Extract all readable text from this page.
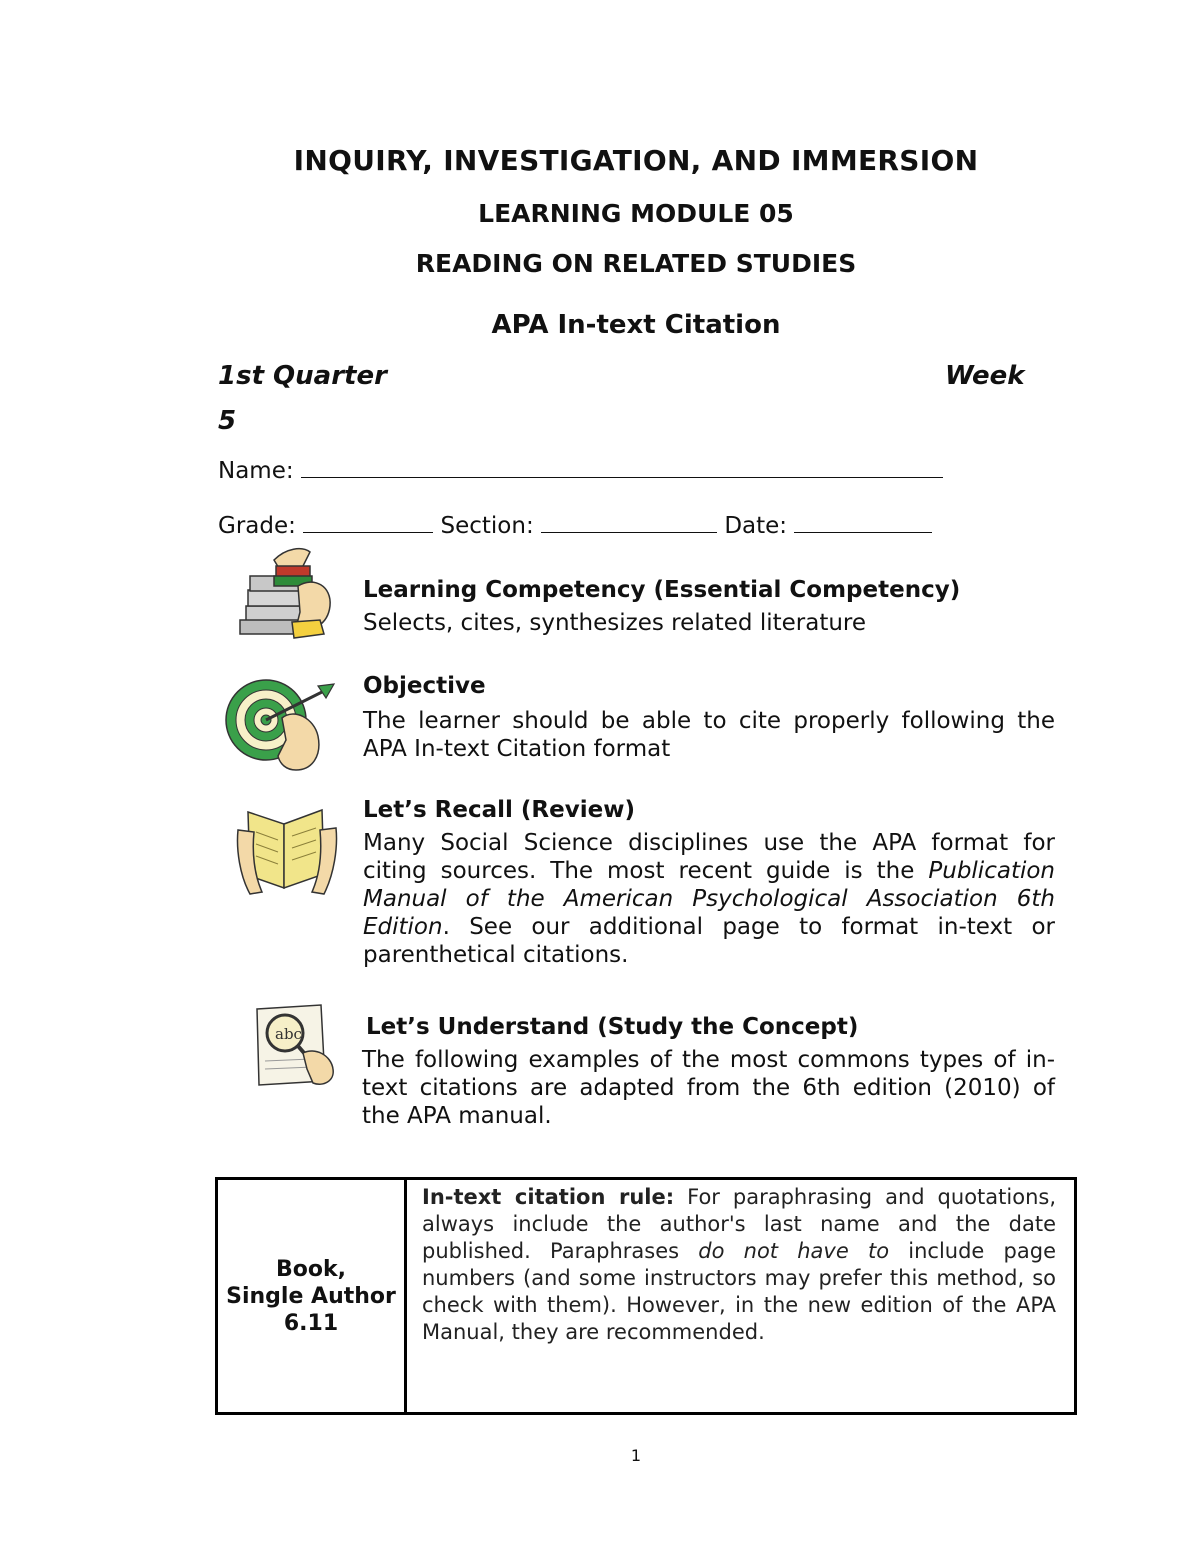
INQUIRY, INVESTIGATION, AND IMMERSION
LEARNING MODULE 05
READING ON RELATED STUDIES
APA In-text Citation
1st Quarter	Week
5
Name:
Grade:	Section:	Date:
Learning Competency (Essential Competency)
Selects, cites, synthesizes related literature
Objective
The learner should be able to cite properly following the APA In-text Citation format
Let’s Recall (Review)
Many Social Science disciplines use the APA format for citing sources. The most recent guide is the Publication Manual of the American Psychological Association 6th Edition. See our additional page to format in-text or parenthetical citations.
abc	Let’s Understand (Study the Concept)
The following examples of the most commons types of in-text citations are adapted from the 6th edition (2010) of the APA manual.
Book,
Single Author
6.11
	In-text citation rule: For paraphrasing and quotations, always include the author's last name and the date published. Paraphrases do not have to include page numbers (and some instructors may prefer this method, so check with them). However, in the new edition of the APA Manual, they are recommended.
1
